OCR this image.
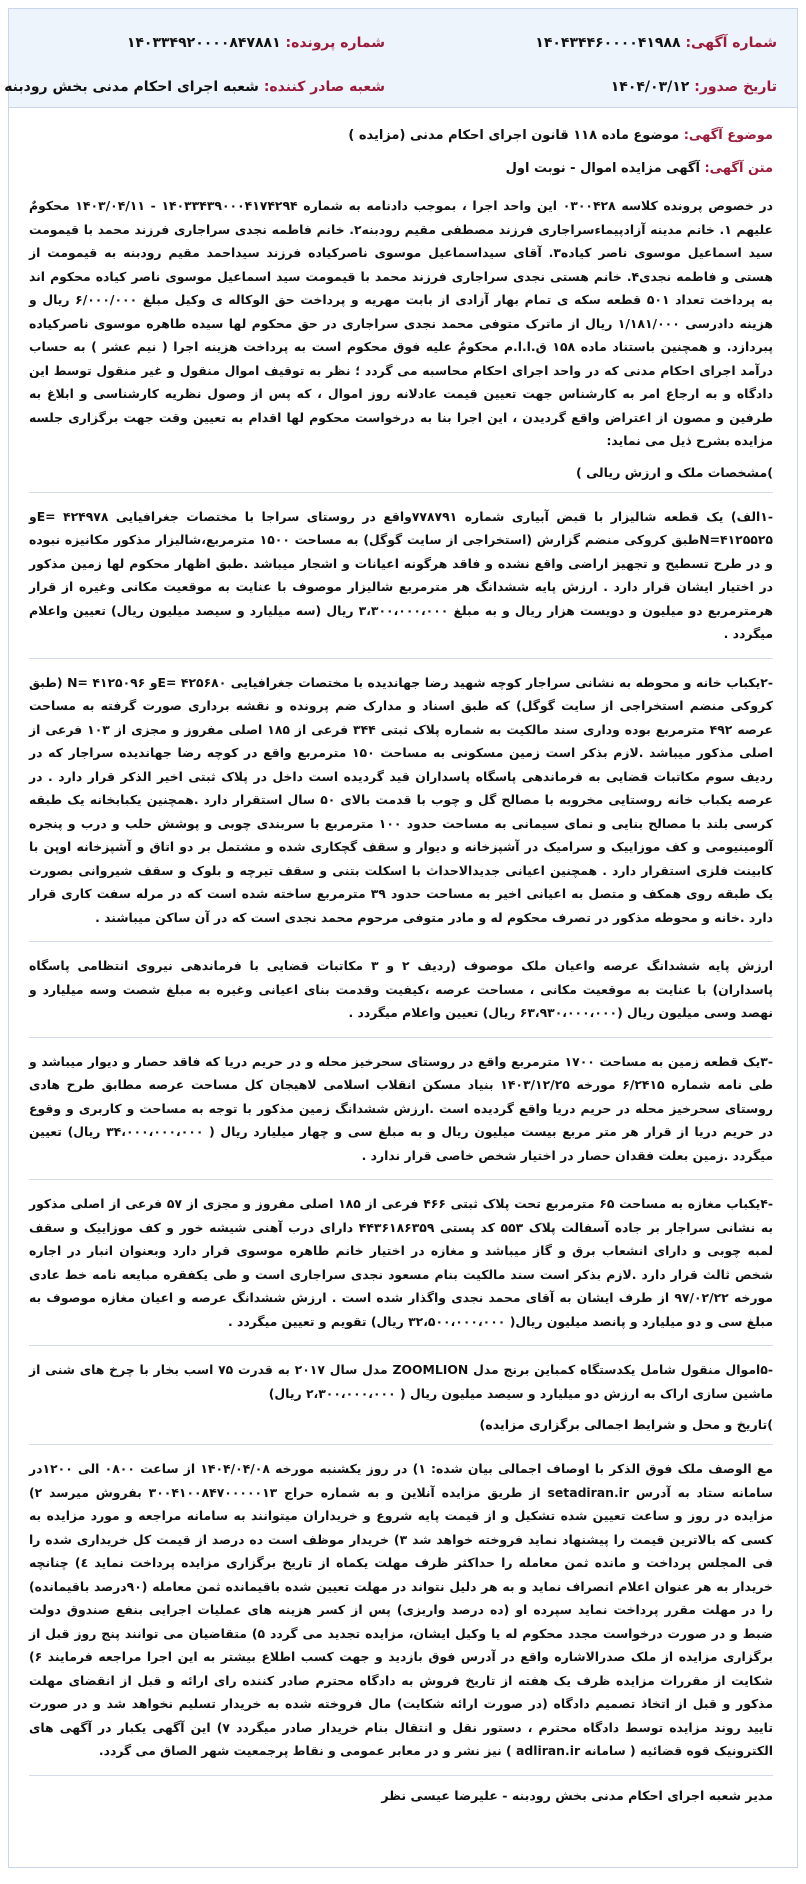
شماره آگهی: ۱۴۰۴۳۴۴۶۰۰۰۰۴۱۹۸۸
شماره پرونده: ۱۴۰۳۳۴۹۲۰۰۰۰۸۴۷۸۸۱
تاریخ صدور: ۱۴۰۴/۰۳/۱۲
شعبه صادر کننده: شعبه اجرای احکام مدنی بخش رودبنه
موضوع آگهی: موضوع ماده ۱۱۸ قانون اجرای احکام مدنی (مزایده )
متن آگهی: آگهی مزایده اموال - نوبت اول

در خصوص پرونده کلاسه ۰۳۰۰۴۲۸ این واحد اجرا ، بموجب دادنامه به شماره ۱۴۰۳۳۴۳۹۰۰۰۴۱۷۴۲۹۴ - ۱۴۰۳/۰۴/۱۱ محکومٌ علیهم ۱. خانم مدینه آزادپیماءسراجاری فرزند مصطفی مقیم رودبنه۲. خانم فاطمه نجدی سراجاری فرزند محمد با قیمومت سید اسماعیل موسوی ناصر کیاده۳. آقای سیداسماعیل موسوی ناصرکیاده فرزند سیداحمد مقیم رودبنه به قیمومت از هستی و فاطمه نجدی۴. خانم هستی نجدی سراجاری فرزند محمد با قیمومت سید اسماعیل موسوی ناصر کیاده محکوم اند به پرداخت تعداد ۵۰۱ قطعه سکه ی تمام بهار آزادی از بابت مهریه و پرداخت حق الوکاله ی وکیل مبلغ ۶/۰۰۰/۰۰۰ ریال و هزینه دادرسی ۱/۱۸۱/۰۰۰ ریال از ماترک متوفی محمد نجدی سراجاری در حق محکوم لها سیده طاهره موسوی ناصرکیاده پبردازد. و همچنین باستناد ماده ۱۵۸ ق.ا.ا.م محکومٌ علیه فوق محکوم است به پرداخت هزینه اجرا ( نیم عشر ) به حساب درآمد اجرای احکام مدنی که در واحد اجرای احکام محاسبه می گردد ؛ نظر به توقیف اموال منقول و غیر منقول توسط این دادگاه و به ارجاع امر به کارشناس جهت تعیین قیمت عادلانه روز اموال ، که پس از وصول نظریه کارشناسی و ابلاغ به طرفین و مصون از اعتراض واقع گردیدن ، این اجرا بنا به درخواست محکوم لها اقدام به تعیین وقت جهت برگزاری جلسه مزایده بشرح ذیل می نماید:

)مشخصات ملک و ارزش ریالی )

-۱الف) یک قطعه شالیزار با قبض آبیاری شماره ۷۷۸۷۹۱واقع در روستای سراجا با مختصات جغرافیایی E= ۴۲۴۹۷۸و N=۴۱۲۵۵۲۵طبق کروکی منضم گزارش (استخراجی از سایت گوگل) به مساحت ۱۵۰۰ مترمربع،شالیزار مذکور مکانیزه نبوده و در طرح تسطیح و تجهیز اراضی واقع نشده و فاقد هرگونه اعیانات و اشجار میباشد .طبق اظهار محکوم لها زمین مذکور در اختیار ایشان قرار دارد . ارزش پایه ششدانگ هر مترمربع شالیزار موصوف با عنایت به موقعیت مکانی وغیره از قرار هرمترمربع دو میلیون و دویست هزار ریال و به مبلغ ۳،۳۰۰،۰۰۰،۰۰۰ ریال (سه میلیارد و سیصد میلیون ریال) تعیین واعلام میگردد .

-۲یکباب خانه و محوطه به نشانی سراجار کوچه شهید رضا جهاندیده با مختصات جغرافیایی E= ۴۲۵۶۸۰و N= ۴۱۲۵۰۹۶ (طبق کروکی منضم استخراجی از سایت گوگل) که طبق اسناد و مدارک ضم پرونده و نقشه برداری صورت گرفته به مساحت عرصه ۴۹۲ مترمربع بوده وداری سند مالکیت به شماره پلاک ثبتی ۳۴۴ فرعی از ۱۸۵ اصلی مفروز و مجزی از ۱۰۳ فرعی از اصلی مذکور میباشد .لازم بذکر است زمین مسکونی به مساحت ۱۵۰ مترمربع واقع در کوچه رضا جهاندیده سراجار که در ردیف سوم مکاتبات قضایی به فرماندهی پاسگاه پاسداران قید گردیده است داخل در پلاک ثبتی اخیر الذکر قرار دارد . در عرصه یکباب خانه روستایی مخروبه با مصالح گل و چوب با قدمت بالای ۵۰ سال استقرار دارد .همچنین یکبابخانه یک طبقه کرسی بلند با مصالح بنایی و نمای سیمانی به مساحت حدود ۱۰۰ مترمربع با سربندی چوبی و پوشش حلب و درب و پنجره آلومینیومی و کف موزاییک و سرامیک در آشپزخانه و دیوار و سقف گچکاری شده و مشتمل بر دو اتاق و آشپزخانه اوپن با کابینت فلزی استقرار دارد . همچنین اعیانی جدیدالاحداث با اسکلت بتنی و سقف تیرچه و بلوک و سقف شیروانی بصورت یک طبقه روی همکف و متصل به اعیانی اخیر به مساحت حدود ۳۹ مترمربع ساخته شده است که در مرله سفت کاری قرار دارد .خانه و محوطه مذکور در تصرف محکوم له و مادر متوفی مرحوم محمد نجدی است که در آن ساکن میباشند .

ارزش پایه ششدانگ عرصه واعیان ملک موصوف (ردیف ۲ و ۳ مکاتبات قضایی با فرماندهی نیروی انتظامی پاسگاه پاسداران) با عنایت به موقعیت مکانی ، مساحت عرصه ،کیفیت وقدمت بنای اعیانی وغیره به مبلغ شصت وسه میلیارد و نهصد وسی میلیون ریال (۶۳،۹۳۰،۰۰۰،۰۰۰ ریال) تعیین واعلام میگردد .

-۳یک قطعه زمین به مساحت ۱۷۰۰ مترمربع واقع در روستای سحرخیز محله و در حریم دریا که فاقد حصار و دیوار میباشد و طی نامه شماره ۶/۲۴۱۵ مورخه ۱۴۰۳/۱۲/۲۵ بنیاد مسکن انقلاب اسلامی لاهیجان کل مساحت عرصه مطابق طرح هادی روستای سحرخیز محله در حریم دریا واقع گردیده است .ارزش ششدانگ زمین مذکور با توجه به مساحت و کاربری و وقوع در حریم دریا از قرار هر متر مربع بیست میلیون ریال و به مبلغ سی و چهار میلیارد ریال ( ۳۴،۰۰۰،۰۰۰،۰۰۰ ریال) تعیین میگردد .زمین بعلت فقدان حصار در اختیار شخص خاصی قرار ندارد .

-۴یکباب مغازه به مساحت ۶۵ مترمربع تحت پلاک ثبتی ۴۶۶ فرعی از ۱۸۵ اصلی مفروز و مجزی از ۵۷ فرعی از اصلی مذکور به نشانی سراجار بر جاده آسفالت پلاک ۵۵۳ کد پستی ۴۴۳۶۱۸۶۳۵۹ دارای درب آهنی شیشه خور و کف موزاییک و سقف لمبه چوبی و دارای انشعاب برق و گاز میباشد و مغازه در اختیار خانم طاهره موسوی قرار دارد وبعنوان انبار در اجاره شخص ثالث قرار دارد .لازم بذکر است سند مالکیت بنام مسعود نجدی سراجاری است و طی یکفقره مبایعه نامه خط عادی مورخه ۹۷/۰۲/۲۲ از طرف ایشان به آقای محمد نجدی واگذار شده است . ارزش ششدانگ عرصه و اعیان مغازه موصوف به مبلغ سی و دو میلیارد و پانصد میلیون ریال( ۳۲،۵۰۰،۰۰۰،۰۰۰ ریال) تقویم و تعیین میگردد .

-۵اموال منقول شامل یکدستگاه کمباین برنج مدل ZOOMLION مدل سال ۲۰۱۷ به قدرت ۷۵ اسب بخار با چرخ های شنی از ماشین سازی اراک به ارزش دو میلیارد و سیصد میلیون ریال ( ۲،۳۰۰،۰۰۰،۰۰۰ ریال)

)تاریخ و محل و شرایط اجمالی برگزاری مزایده)

مع الوصف ملک فوق الذکر با اوصاف اجمالی بیان شده: ۱) در روز یکشنبه مورخه ۱۴۰۴/۰۴/۰۸ از ساعت ۰۸۰۰ الی ۱۲۰۰در سامانه ستاد به آدرس setadiran.ir از طریق مزایده آنلاین و به شماره حراج ۳۰۰۴۱۰۰۸۴۷۰۰۰۰۰۱۳ بفروش میرسد ۲) مزایده در روز و ساعت تعیین شده تشکیل و از قیمت پایه شروع و خریداران میتوانند به سامانه مراجعه و مورد مزایده به کسی که بالاترین قیمت را پیشنهاد نماید فروخته خواهد شد ۳) خریدار موظف است ده درصد از قیمت کل خریداری شده را فی المجلس پرداخت و مانده ثمن معامله را حداکثر ظرف مهلت یکماه از تاریخ برگزاری مزایده پرداخت نماید ٤) چنانچه خریدار به هر عنوان اعلام انصراف نماید و به هر دلیل نتواند در مهلت تعیین شده باقیمانده ثمن معامله (۹۰درصد باقیمانده) را در مهلت مقرر پرداخت نماید سپرده او (ده درصد واریزی) پس از کسر هزینه های عملیات اجرایی بنفع صندوق دولت ضبط و در صورت درخواست مجدد محکوم له یا وکیل ایشان، مزایده تجدید می گردد ۵) متقاضیان می توانند پنج روز قبل از برگزاری مزایده از ملک صدرالاشاره واقع در آدرس فوق بازدید و جهت کسب اطلاع بیشتر به این اجرا مراجعه فرمایند ۶) شکایت از مقررات مزایده ظرف یک هفته از تاریخ فروش به دادگاه محترم صادر کننده رای ارائه و قبل از انقضای مهلت مذکور و قبل از اتخاذ تصمیم دادگاه (در صورت ارائه شکایت) مال فروخته شده به خریدار تسلیم نخواهد شد و در صورت تایید روند مزایده توسط دادگاه محترم ، دستور نقل و انتقال بنام خریدار صادر میگردد ۷) این آگهی یکبار در آگهی های الکترونیک قوه قضائیه ( سامانه adliran.ir ) نیز نشر و در معابر عمومی و نقاط پرجمعیت شهر الصاق می گردد.

مدیر شعبه اجرای احکام مدنی بخش رودبنه - علیرضا عیسی نظر
